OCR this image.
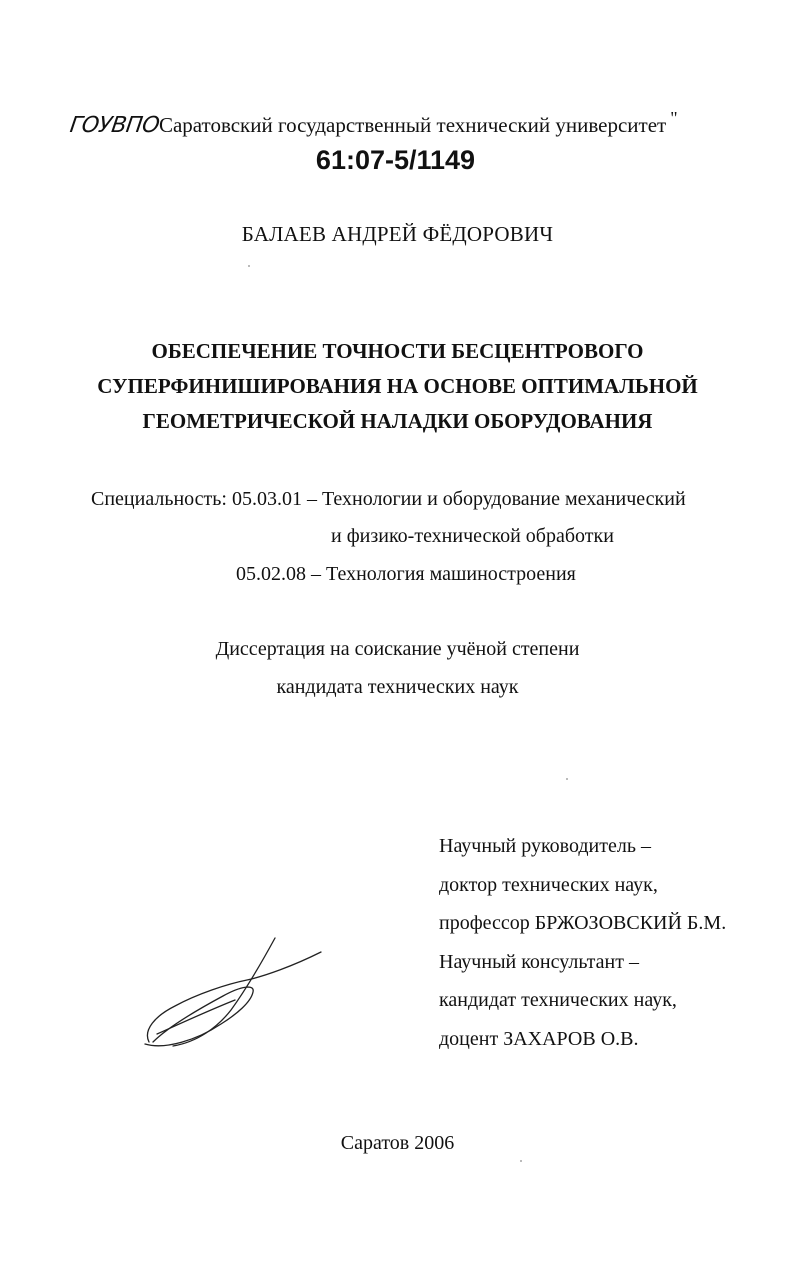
ГОУВПОСаратовский государственный технический университет "
61:07-5/1149
БАЛАЕВ АНДРЕЙ ФЁДОРОВИЧ
ОБЕСПЕЧЕНИЕ ТОЧНОСТИ БЕСЦЕНТРОВОГО
СУПЕРФИНИШИРОВАНИЯ НА ОСНОВЕ ОПТИМАЛЬНОЙ
ГЕОМЕТРИЧЕСКОЙ НАЛАДКИ ОБОРУДОВАНИЯ
Специальность: 05.03.01 – Технологии и оборудование механический
и физико-технической обработки
05.02.08 – Технология машиностроения
Диссертация на соискание учёной степени
кандидата технических наук
Научный руководитель –
доктор технических наук,
профессор БРЖОЗОВСКИЙ Б.М.
Научный консультант –
кандидат технических наук,
доцент ЗАХАРОВ О.В.
Саратов 2006
